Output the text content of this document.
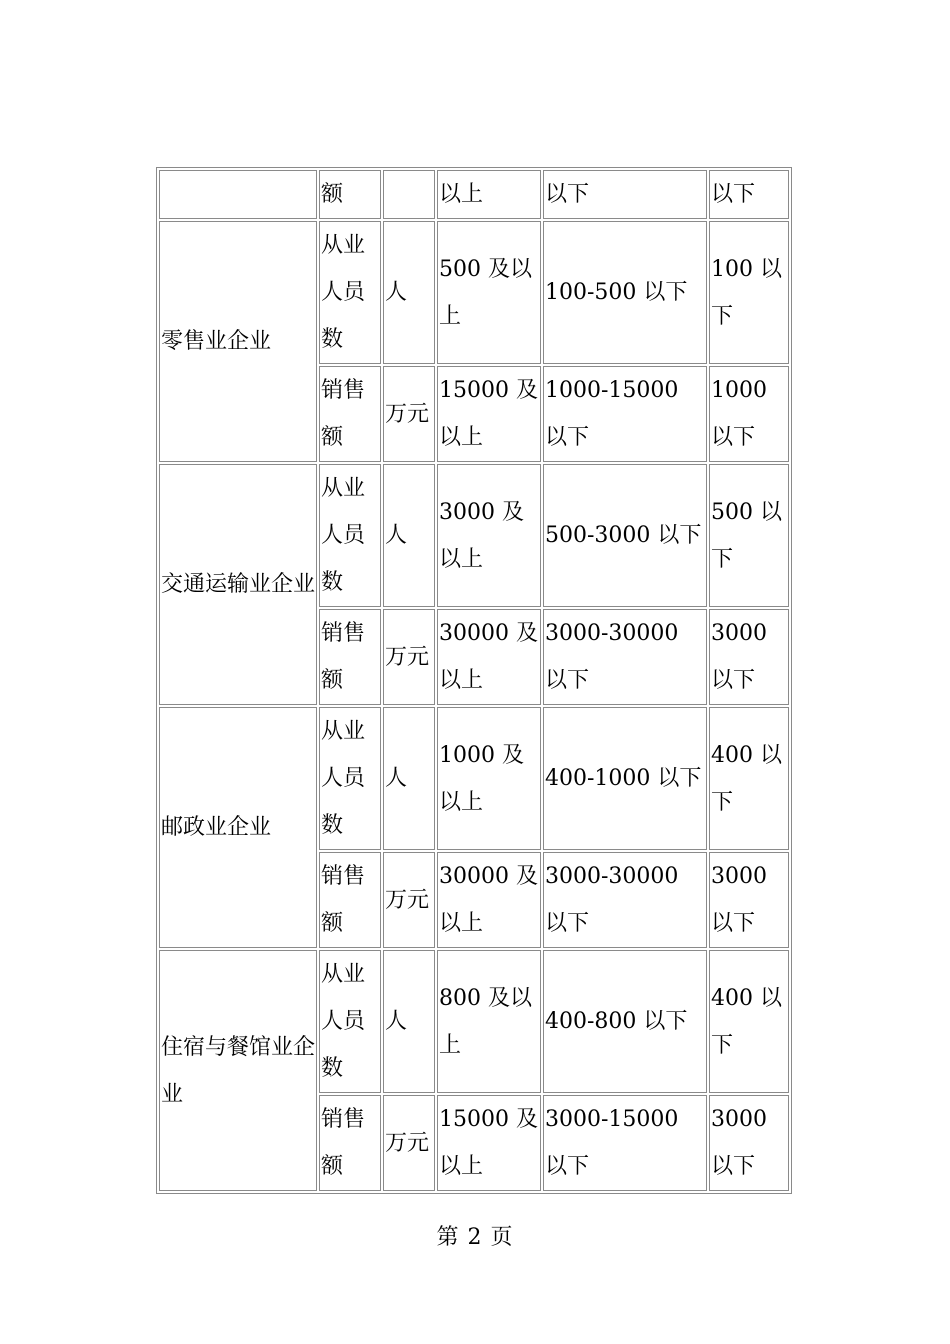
	额		以上	以下	以下
零售业企业	从业人员数	人	500 及以上	100-500 以下	100 以下
	销售额	万元	15000 及以上	1000-15000 以下	1000 以下
交通运输业企业	从业人员数	人	3000 及以上	500-3000 以下	500 以下
	销售额	万元	30000 及以上	3000-30000 以下	3000 以下
邮政业企业	从业人员数	人	1000 及以上	400-1000 以下	400 以下
	销售额	万元	30000 及以上	3000-30000 以下	3000 以下
住宿与餐馆业企业	从业人员数	人	800 及以上	400-800 以下	400 以下
	销售额	万元	15000 及以上	3000-15000 以下	3000 以下
第 2 页
